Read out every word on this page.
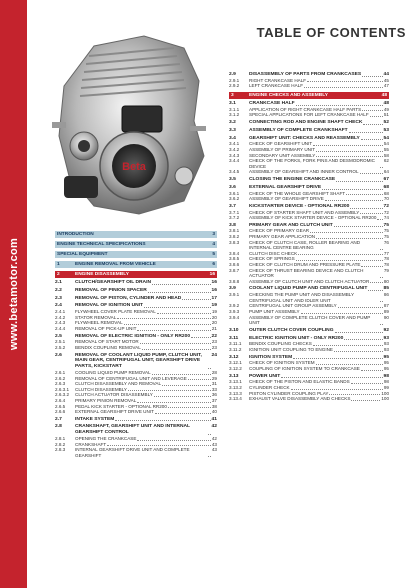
www.betamotor.com
TABLE OF CONTENTS
Beta
INTRODUCTION	3
ENGINE TECHNICAL SPECIFICATIONS	4
SPECIAL EQUIPMENT	5
1	ENGINE REMOVAL FROM VEHICLE	6
2	ENGINE DISASSEMBLY	16
2.1	CLUTCH/GEARSHIFT OIL DRAIN	16
2.2	REMOVAL OF PINION SPACER	16
2.3	REMOVAL OF PISTON, CYLINDER AND HEAD	17
2.4	REMOVAL OF IGNITION UNIT	19
2.4.1	FLYWHEEL COVER PLATE REMOVAL	19
2.4.2	STATOR REMOVAL	20
2.4.3	FLYWHEEL REMOVAL	20
2.4.4	REMOVAL OF PICK-UP UNIT	21
2.5	REMOVAL OF ELECTRIC IGNITION - ONLY RR200	22
2.5.1	REMOVAL OF START MOTOR	23
2.5.2	BENDIX COUPLING REMOVAL	23
2.6	REMOVAL OF COOLANT LIQUID PUMP, CLUTCH UNIT, MAIN GEAR, CENTRIFUGAL UNIT, GEARSHIFT DRIVE PARTS, KICKSTART
24
2.6.1	COOLING LIQUID PUMP REMOVAL	28
2.6.2	REMOVAL OF CENTRIFUGAL UNIT AND LEVERAGE	29
2.6.3	CLUTCH DISASSEMBLY AND REMOVAL	31
2.6.3.1	CLUTCH DISASSEMBLY	33
2.6.3.2	CLUTCH ACTUATOR DISASSEMBLY	36
2.6.4	PRIMARY PINION REMOVAL	37
2.6.5	PEDAL KICK STARTER - OPTIONAL RR200	38
2.6.6	EXTERNAL GEARSHIFT DRIVE UNIT	40
2.7	INTAKE SYSTEM	41
2.8	CRANKSHAFT, GEARSHIFT UNIT AND INTERNAL GEARSHIFT CONTROL
42
2.8.1	OPENING THE CRANKCASE	42
2.8.2	CRANKSHAFT	43
2.8.3	INTERNAL GEARSHIFT DRIVE UNIT AND COMPLETE GEARSHIFT
43
2.9	DISASSEMBLY OF PARTS FROM CRANKCASES	44
2.9.1	RIGHT CRANKCASE HALF	45
2.9.2	LEFT CRANKCASE HALF	47
3	ENGINE CHECKS AND ASSEMBLY	48
3.1	CRANKCASE HALF	48
3.1.1	APPLICATION OF RIGHT CRANKCASE HALF PARTS	49
3.1.2	SPECIAL APPLICATIONS FOR LEFT CRANKCASE HALF	51
3.2	CONNECTING ROD AND ENGINE SHAFT CHECK	52
3.3	ASSEMBLY OF COMPLETE CRANKSHAFT	53
3.4	GEARSHIFT UNIT: CHECKS AND REASSEMBLY	54
3.4.1	CHECK OF GEARSHIFT UNIT	54
3.4.2	ASSEMBLY OF PRIMARY UNIT	55
3.4.3	SECONDARY UNIT ASSEMBLY	58
3.4.4	CHECK OF THE FORKS, FORK PINS AND DESMODROMIC DEVICE
62
3.4.5	ASSEMBLY OF GEARSHIFT AND INNER CONTROL	64
3.5	CLOSING THE ENGINE CRANKCASE	67
3.6	EXTERNAL GEARSHIFT DRIVE	68
3.6.1	CHECK OF THE WHOLE GEARSHIFT SHAFT	68
3.6.2	ASSEMBLY OF GEARSHIFT DRIVE	70
3.7	KICKSTARTER DEVICE - OPTIONAL RR200	72
3.7.1	CHECK OF STARTER SHAFT UNIT AND ASSEMBLY	72
3.7.2	ASSEMBLY OF KICK STARTER DEVICE - OPTIONAL RR200 74
3.8	PRIMARY GEAR AND CLUTCH UNIT	75
3.8.1	CHECK OF PRIMARY GEAR	75
3.8.2	PRIMARY GEAR APPLICATION	75
3.8.3	CHECK OF CLUTCH CASE, ROLLER BEARING AND INTERNAL CENTRE BEARING
76
3.8.4	CLUTCH DISC CHECK	77
3.8.5	CHECK OF SPRINGS	78
3.8.6	CHECK OF CLUTCH DRUM AND PRESSURE PLATE	78
3.8.7	CHECK OF THRUST BEARING DEVICE AND CLUTCH ACTUATOR
79
3.8.8	ASSEMBLY OF CLUTCH UNIT AND CLUTCH ACTUATOR	80
3.9	COOLANT LIQUID PUMP AND CENTRIFUGAL UNIT	85
3.9.1	CHECKING THE PUMP UNIT AND DISASSEMBLY CENTRIFUGAL UNIT AND IDLER UNIT
86
3.9.2	CENTRIFUGAL UNIT GROUP ASSEMBLY	87
3.9.3	PUMP UNIT ASSEMBLY	89
3.9.4	ASSEMBLY OF COMPLETE CLUTCH COVER AND PUMP UNIT
90
3.10	OUTER CLUTCH COVER COUPLING	92
3.11	ELECTRIC IGNITION UNIT - ONLY RR200	93
3.11.1	BENDIX COUPLING CHECKS	93
3.11.2	IGNITION UNIT COUPLING TO ENGINE	93
3.12	IGNITION SYSTEM	95
3.12.1	CHECK OF IGNITION SYSTEM	95
3.12.2	COUPLING OF IGNITION SYSTEM TO CRANKCASE	95
3.13	POWER UNIT	98
3.13.1	CHECK OF THE PISTON AND ELASTIC BANDS	98
3.13.2	CYLINDER CHECK	99
3.13.3	PISTON CYLINDER COUPLING PLAY	100
3.13.4	EXHAUST VALVE DISASSEMBLY AND CHECKS	100
